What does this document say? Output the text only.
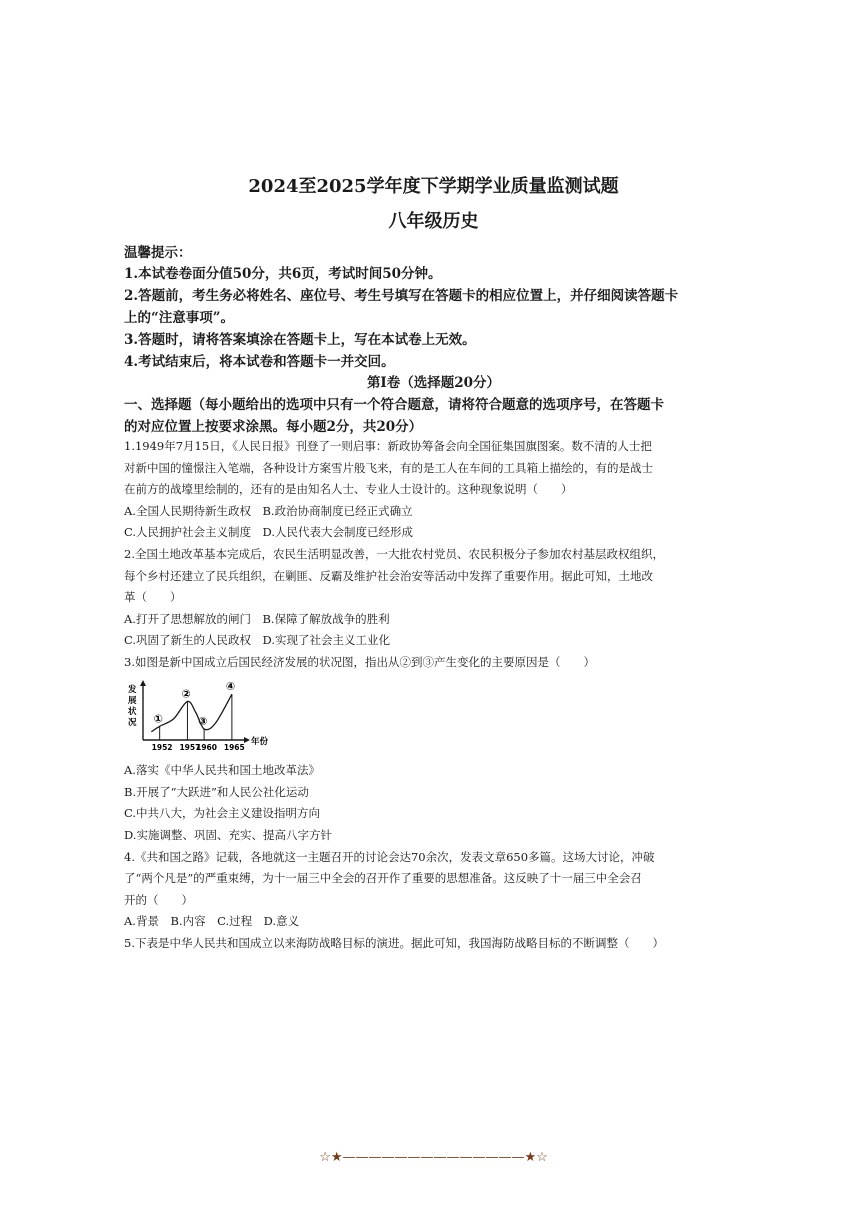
2024至2025学年度下学期学业质量监测试题
八年级历史
温馨提示：
1.本试卷卷面分值50分，共6页，考试时间50分钟。
2.答题前，考生务必将姓名、座位号、考生号填写在答题卡的相应位置上，并仔细阅读答题卡
上的“注意事项”。
3.答题时，请将答案填涂在答题卡上，写在本试卷上无效。
4.考试结束后，将本试卷和答题卡一并交回。
第Ⅰ卷（选择题20分）
一、选择题（每小题给出的选项中只有一个符合题意，请将符合题意的选项序号，在答题卡
的对应位置上按要求涂黑。每小题2分，共20分）
1.1949年7月15日，《人民日报》刊登了一则启事：新政协筹备会向全国征集国旗图案。数不清的人士把
对新中国的憧憬注入笔端，各种设计方案雪片般飞来，有的是工人在车间的工具箱上描绘的，有的是战士
在前方的战壕里绘制的，还有的是由知名人士、专业人士设计的。这种现象说明（　　）
A.全国人民期待新生政权　B.政治协商制度已经正式确立
C.人民拥护社会主义制度　D.人民代表大会制度已经形成
2.全国土地改革基本完成后，农民生活明显改善，一大批农村党员、农民积极分子参加农村基层政权组织，
每个乡村还建立了民兵组织，在剿匪、反霸及维护社会治安等活动中发挥了重要作用。据此可知，土地改
革（　　）
A.打开了思想解放的闸门　B.保障了解放战争的胜利
C.巩固了新生的人民政权　D.实现了社会主义工业化
3.如图是新中国成立后国民经济发展的状况图，指出从②到③产生变化的主要原因是（　　）
发
展
状
况
年份
①
②
③
④
1952 1957
1960 1965
A.落实《中华人民共和国土地改革法》
B.开展了“大跃进”和人民公社化运动
C.中共八大，为社会主义建设指明方向
D.实施调整、巩固、充实、提高八字方针
4.《共和国之路》记载，各地就这一主题召开的讨论会达70余次，发表文章650多篇。这场大讨论，冲破
了“两个凡是”的严重束缚，为十一届三中全会的召开作了重要的思想准备。这反映了十一届三中全会召
开的（　　）
A.背景　B.内容　C.过程　D.意义
5.下表是中华人民共和国成立以来海防战略目标的演进。据此可知，我国海防战略目标的不断调整（　　）
☆★——————————————★☆
